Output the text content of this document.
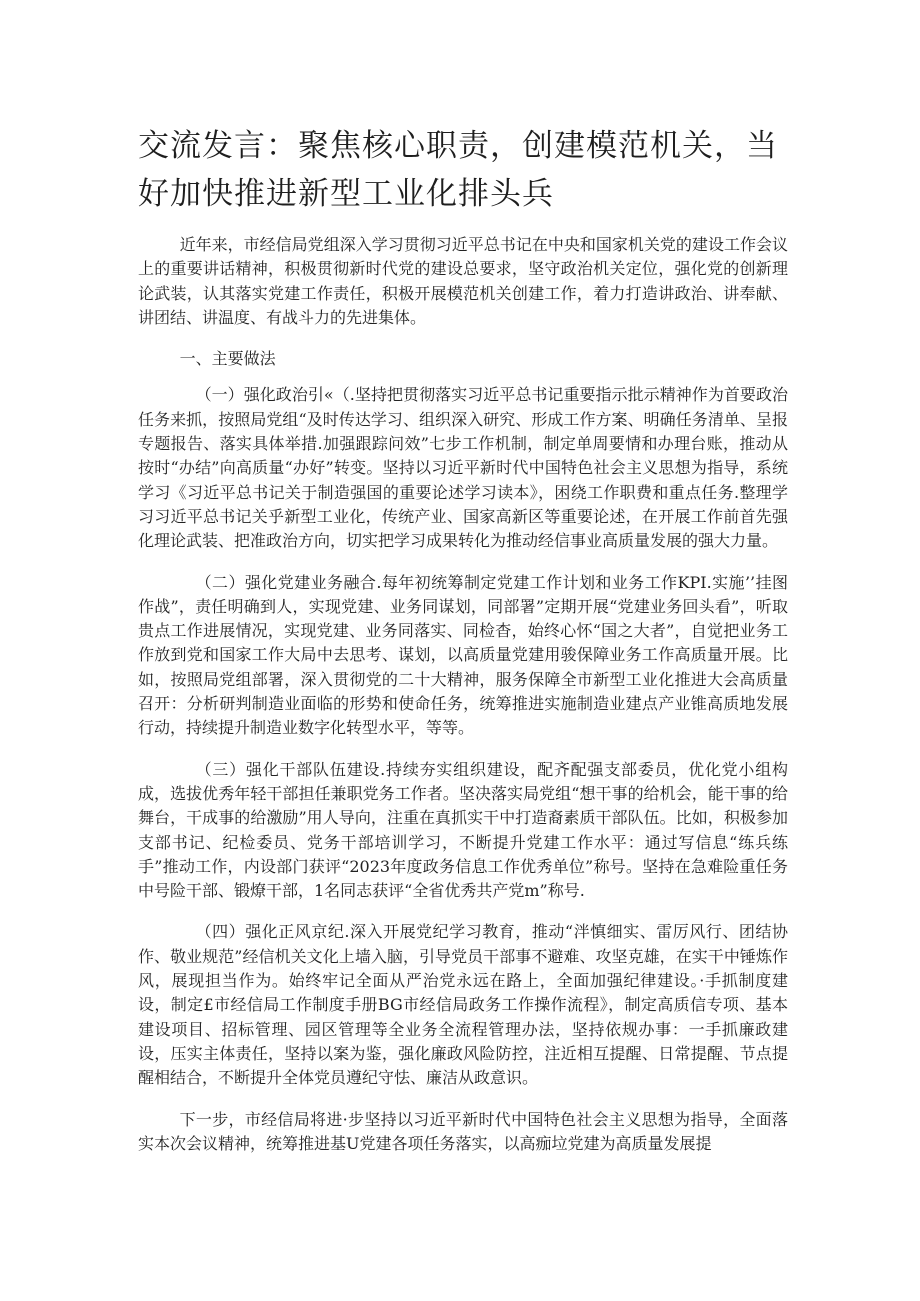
交流发言：聚焦核心职责，创建模范机关，当好加快推进新型工业化排头兵

近年来，市经信局党组深入学习贯彻习近平总书记在中央和国家机关党的建设工作会议上的重要讲话精神，积极贯彻新时代党的建设总要求，坚守政治机关定位，强化党的创新理论武装，认其落实党建工作责任，积极开展模范机关创建工作，着力打造讲政治、讲奉献、讲团结、讲温度、有战斗力的先进集体。

一、主要做法

（一）强化政治引«（.坚持把贯彻落实习近平总书记重要指示批示精神作为首要政治任务来抓，按照局党组“及时传达学习、组织深入研究、形成工作方案、明确任务清单、呈报专题报告、落实具体举措.加强跟踪问效”七步工作机制，制定单周要情和办理台账，推动从按时“办结”向高质量“办好”转变。坚持以习近平新时代中国特色社会主义思想为指导，系统学习《习近平总书记关于制造强国的重要论述学习读本》，困绕工作职费和重点任务.整理学习习近平总书记关乎新型工业化，传统产业、国家高新区等重要论述，在开展工作前首先强化理论武装、把准政治方向，切实把学习成果转化为推动经信事业高质量发展的强大力量。

（二）强化党建业务融合.每年初统筹制定党建工作计划和业务工作KPI.实施’’挂图作战”，责任明确到人，实现党建、业务同谋划，同部署”定期开展“党建业务回头看”，听取贵点工作进展情况，实现党建、业务同落实、同检杳，始终心怀“国之大者”，自觉把业务工作放到党和国家工作大局中去思考、谋划，以高质量党建用骏保障业务工作高质量开展。比如，按照局党组部署，深入贯彻党的二十大精神，服务保障全市新型工业化推进大会高质量召开：分析研判制造业面临的形势和使命任务，统筹推进实施制造业建点产业锥高质地发展行动，持续提升制造业数字化转型水平，等等。

（三）强化干部队伍建设.持续夯实组织建设，配齐配强支部委员，优化党小组构成，选拔优秀年轻干部担任兼职党务工作者。坚决落实局党组“想干事的给机会，能干事的给舞台，干成事的给激励”用人导向，注重在真抓实干中打造裔素质干部队伍。比如，积极参加支部书记、纪检委员、党务干部培训学习，不断提升党建工作水平：通过写信息“练兵练手”推动工作，内设部门获评“2023年度政务信息工作优秀单位”称号。坚持在急难险重任务中号险干部、锻燎干部，1名同志获评“全省优秀共产党m”称号.

（四）强化正风京纪.深入开展党纪学习教育，推动“泮慎细实、雷厉风行、团结协作、敬业规范”经信机关文化上墙入脑，引导党员干部事不避难、攻坚克雄，在实干中锤炼作风，展现担当作为。始终牢记全面从严治党永远在路上，全面加强纪律建设。·手抓制度建设，制定£市经信局工作制度手册BG市经信局政务工作操作流程》，制定高质信专项、基本建设项目、招标管理、园区管理等全业务全流程管理办法，坚持依规办事：一手抓廉政建设，压实主体责任，坚持以案为鉴，强化廉政风险防控，注近相互提醒、日常提醒、节点提醒相结合，不断提升全体党员遵纪守怯、廉洁从政意识。

下一步，市经信局将进·步坚持以习近平新时代中国特色社会主义思想为指导，全面落实本次会议精神，统筹推进基U党建各项任务落实，以高痂垃党建为高质量发展提
